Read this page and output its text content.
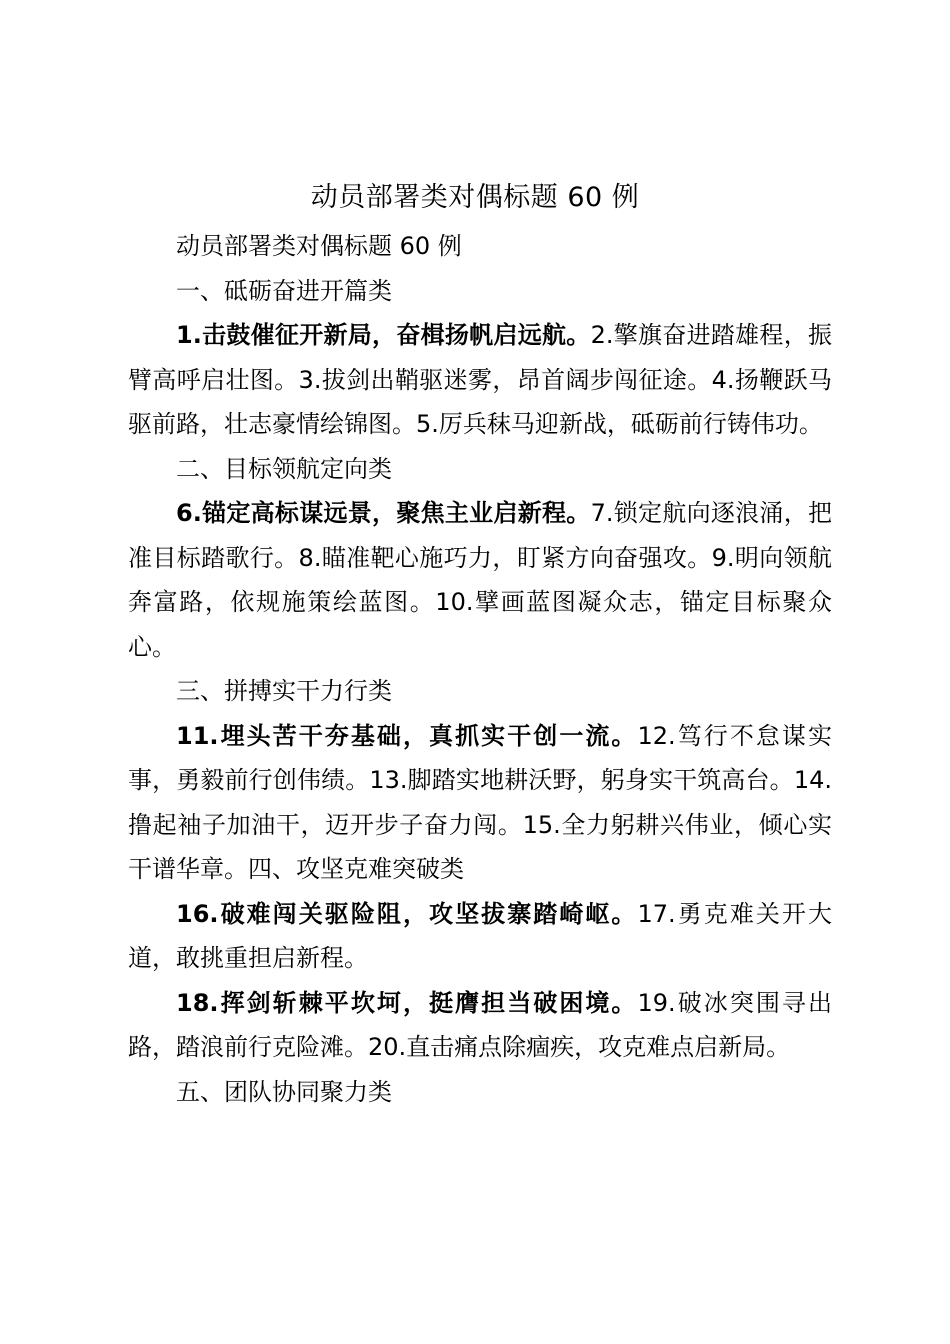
动员部署类对偶标题 60 例

动员部署类对偶标题 60 例

一、砥砺奋进开篇类

1.击鼓催征开新局，奋楫扬帆启远航。2.擎旗奋进踏雄程，振臂高呼启壮图。3.拔剑出鞘驱迷雾，昂首阔步闯征途。4.扬鞭跃马驱前路，壮志豪情绘锦图。5.厉兵秣马迎新战，砥砺前行铸伟功。

二、目标领航定向类

6.锚定高标谋远景，聚焦主业启新程。7.锁定航向逐浪涌，把准目标踏歌行。8.瞄准靶心施巧力，盯紧方向奋强攻。9.明向领航奔富路，依规施策绘蓝图。10.擘画蓝图凝众志，锚定目标聚众心。

三、拼搏实干力行类

11.埋头苦干夯基础，真抓实干创一流。12.笃行不怠谋实事，勇毅前行创伟绩。13.脚踏实地耕沃野，躬身实干筑高台。14.撸起袖子加油干，迈开步子奋力闯。15.全力躬耕兴伟业，倾心实干谱华章。四、攻坚克难突破类

16.破难闯关驱险阻，攻坚拔寨踏崎岖。17.勇克难关开大道，敢挑重担启新程。

18.挥剑斩棘平坎坷，挺膺担当破困境。19.破冰突围寻出路，踏浪前行克险滩。20.直击痛点除痼疾，攻克难点启新局。

五、团队协同聚力类
